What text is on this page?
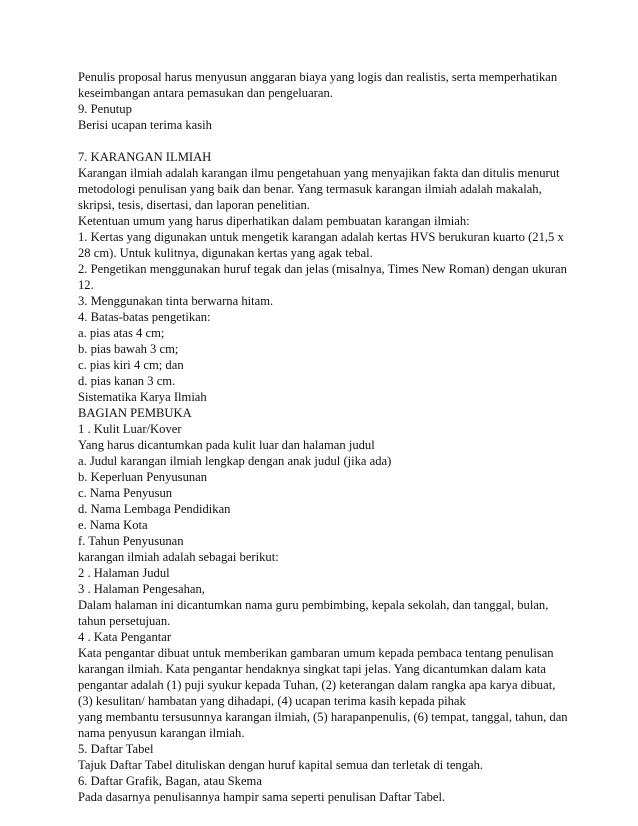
Penulis proposal harus menyusun anggaran biaya yang logis dan realistis, serta memperhatikan
keseimbangan antara pemasukan dan pengeluaran.
9. Penutup
Berisi ucapan terima kasih
7. KARANGAN ILMIAH
Karangan ilmiah adalah karangan ilmu pengetahuan yang menyajikan fakta dan ditulis menurut
metodologi penulisan yang baik dan benar. Yang termasuk karangan ilmiah adalah makalah,
skripsi, tesis, disertasi, dan laporan penelitian.
Ketentuan umum yang harus diperhatikan dalam pembuatan karangan ilmiah:
1. Kertas yang digunakan untuk mengetik karangan adalah kertas HVS berukuran kuarto (21,5 x
28 cm). Untuk kulitnya, digunakan kertas yang agak tebal.
2. Pengetikan menggunakan huruf tegak dan jelas (misalnya, Times New Roman) dengan ukuran
12.
3. Menggunakan tinta berwarna hitam.
4. Batas-batas pengetikan:
a. pias atas 4 cm;
b. pias bawah 3 cm;
c. pias kiri 4 cm; dan
d. pias kanan 3 cm.
Sistematika Karya Ilmiah
BAGIAN PEMBUKA
1 . Kulit Luar/Kover
Yang harus dicantumkan pada kulit luar dan halaman judul
a. Judul karangan ilmiah lengkap dengan anak judul (jika ada)
b. Keperluan Penyusunan
c. Nama Penyusun
d. Nama Lembaga Pendidikan
e. Nama Kota
f. Tahun Penyusunan
karangan ilmiah adalah sebagai berikut:
2 . Halaman Judul
3 . Halaman Pengesahan,
Dalam halaman ini dicantumkan nama guru pembimbing, kepala sekolah, dan tanggal, bulan,
tahun persetujuan.
4 . Kata Pengantar
Kata pengantar dibuat untuk memberikan gambaran umum kepada pembaca tentang penulisan
karangan ilmiah. Kata pengantar hendaknya singkat tapi jelas. Yang dicantumkan dalam kata
pengantar adalah (1) puji syukur kepada Tuhan, (2) keterangan dalam rangka apa karya dibuat,
(3) kesulitan/ hambatan yang dihadapi, (4) ucapan terima kasih kepada pihak
yang membantu tersusunnya karangan ilmiah, (5) harapanpenulis, (6) tempat, tanggal, tahun, dan
nama penyusun karangan ilmiah.
5. Daftar Tabel
Tajuk Daftar Tabel dituliskan dengan huruf kapital semua dan terletak di tengah.
6. Daftar Grafik, Bagan, atau Skema
Pada dasarnya penulisannya hampir sama seperti penulisan Daftar Tabel.
